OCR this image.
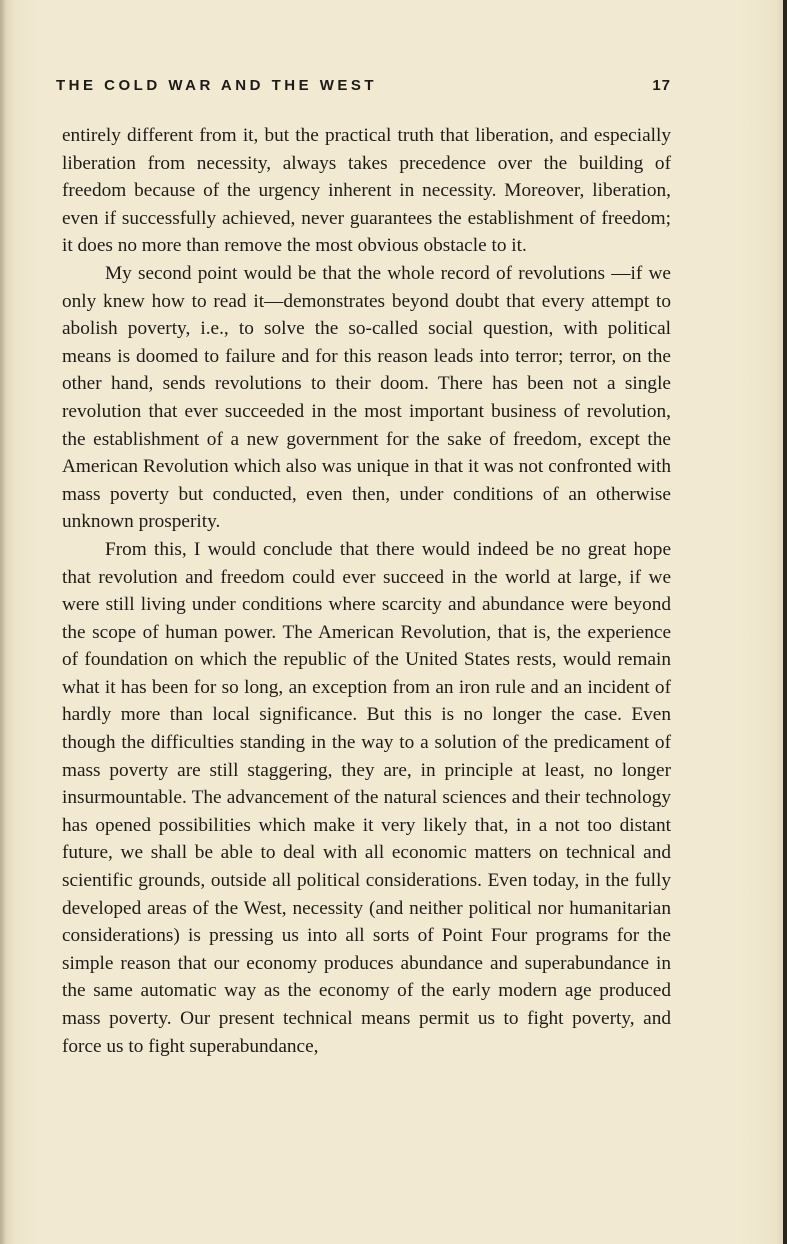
THE COLD WAR AND THE WEST	17

entirely different from it, but the practical truth that liberation, and especially liberation from necessity, always takes precedence over the building of freedom because of the urgency inherent in necessity. Moreover, liberation, even if successfully achieved, never guarantees the establishment of freedom; it does no more than remove the most obvious obstacle to it.

My second point would be that the whole record of revolutions —if we only knew how to read it—demonstrates beyond doubt that every attempt to abolish poverty, i.e., to solve the so-called social question, with political means is doomed to failure and for this reason leads into terror; terror, on the other hand, sends revolutions to their doom. There has been not a single revolution that ever succeeded in the most important business of revolution, the establishment of a new government for the sake of freedom, except the American Revolution which also was unique in that it was not confronted with mass poverty but conducted, even then, under conditions of an otherwise unknown prosperity.

From this, I would conclude that there would indeed be no great hope that revolution and freedom could ever succeed in the world at large, if we were still living under conditions where scarcity and abundance were beyond the scope of human power. The American Revolution, that is, the experience of foundation on which the republic of the United States rests, would remain what it has been for so long, an exception from an iron rule and an incident of hardly more than local significance. But this is no longer the case. Even though the difficulties standing in the way to a solution of the predicament of mass poverty are still staggering, they are, in principle at least, no longer insurmountable. The advancement of the natural sciences and their technology has opened possibilities which make it very likely that, in a not too distant future, we shall be able to deal with all economic matters on technical and scientific grounds, outside all political considerations. Even today, in the fully developed areas of the West, necessity (and neither political nor humanitarian considerations) is pressing us into all sorts of Point Four programs for the simple reason that our economy produces abundance and superabundance in the same automatic way as the economy of the early modern age produced mass poverty. Our present technical means permit us to fight poverty, and force us to fight superabundance,
